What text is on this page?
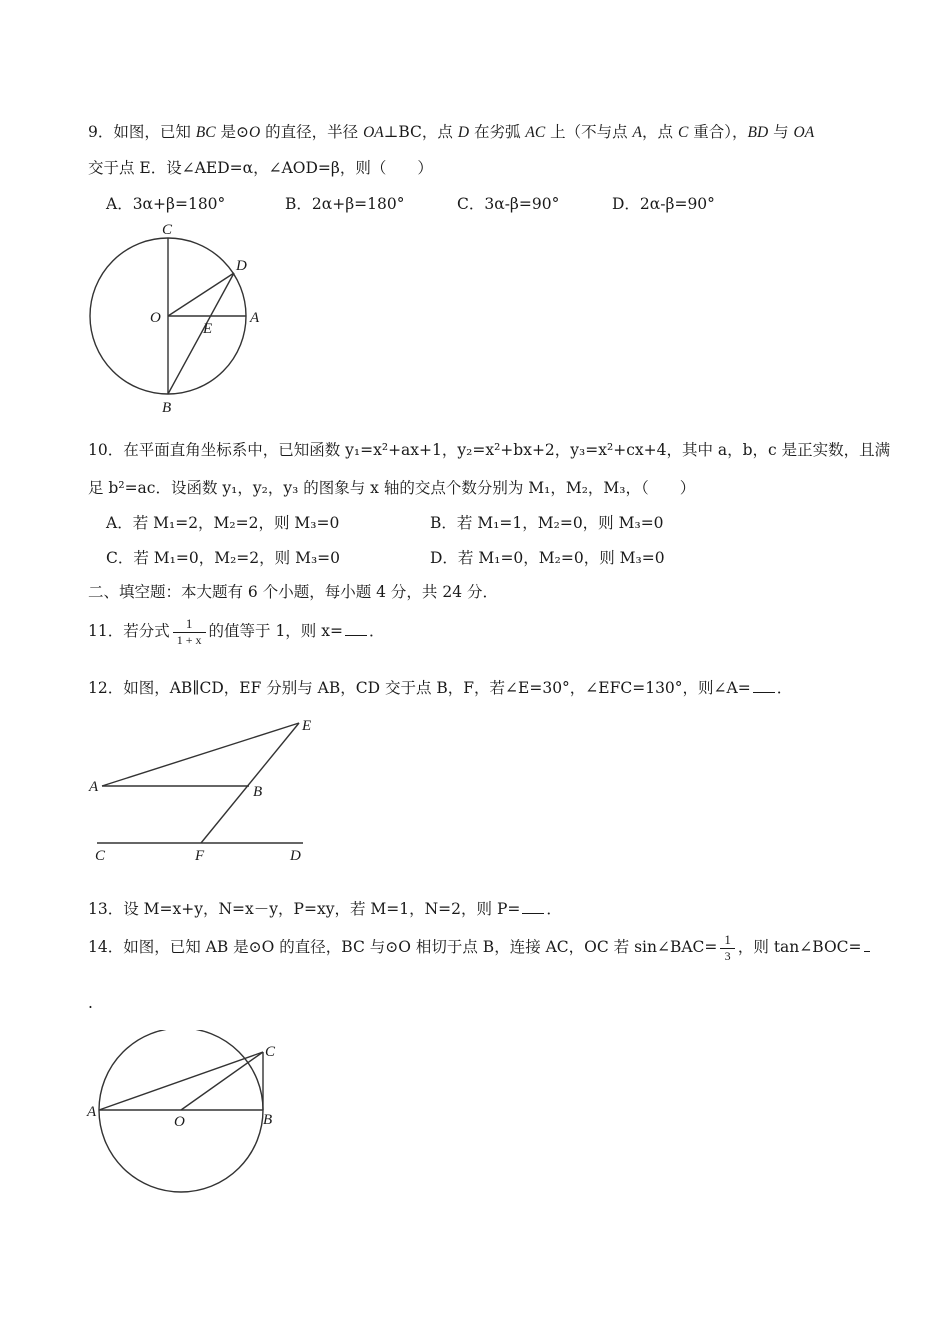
9．如图，已知 BC 是⊙O 的直径，半径 OA⊥BC，点 D 在劣弧 AC 上（不与点 A，点 C 重合），BD 与 OA
交于点 E．设∠AED=α，∠AOD=β，则（　　）
A．3α+β=180°	B．2α+β=180°	C．3α-β=90°	D．2α-β=90°
C
D
O
E
A
B
10．在平面直角坐标系中，已知函数 y₁=x²+ax+1，y₂=x²+bx+2，y₃=x²+cx+4，其中 a，b，c 是正实数，且满
足 b²=ac．设函数 y₁，y₂，y₃ 的图象与 x 轴的交点个数分别为 M₁，M₂，M₃，（　　）
A．若 M₁=2，M₂=2，则 M₃=0	B．若 M₁=1，M₂=0，则 M₃=0
C．若 M₁=0，M₂=2，则 M₃=0	D．若 M₁=0，M₂=0，则 M₃=0
二、填空题：本大题有 6 个小题，每小题 4 分，共 24 分．
11．若分式 $\frac{1}{1 + x}$ 的值等于 1，则 x= ．
12．如图，AB∥CD，EF 分别与 AB，CD 交于点 B，F，若∠E=30°，∠EFC=130°，则∠A= ．
E
A	B
C	F	D
13．设 M=x+y，N=x－y，P=xy，若 M=1，N=2，则 P= ．
14．如图，已知 AB 是⊙O 的直径，BC 与⊙O 相切于点 B，连接 AC，OC 若 sin∠BAC= $\frac{1}{3}$ ，则 tan∠BOC=
.
C
A
O	B
